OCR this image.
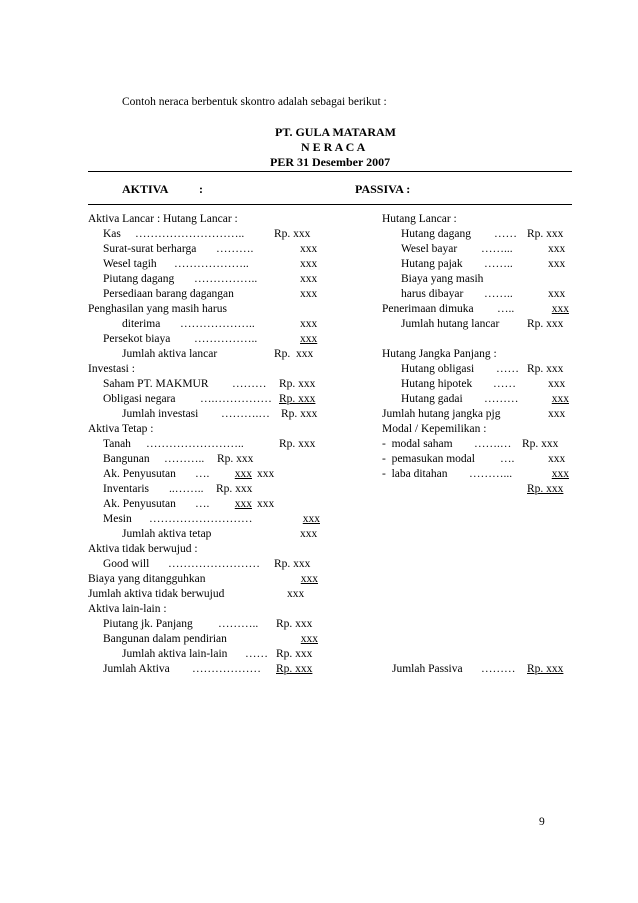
Contoh neraca berbentuk skontro adalah sebagai berikut :
PT. GULA MATARAM
N E R A C A
PER 31 Desember 2007
AKTIVA	:	PASSIVA :
Aktiva Lancar : Hutang Lancar :
Kas ………………………..	Rp. xxx
Surat-surat berharga ……….	xxx
Wesel tagih ………………..	xxx
Piutang dagang ……………..	xxx
Persediaan barang dagangan	xxx
Penghasilan yang masih harus
diterima ………………..	xxx
Persekot biaya ……………..	xxx
Jumlah aktiva lancar	Rp.  xxx
Investasi :
Saham PT. MAKMUR ……… Rp. xxx
Obligasi negara ….…………… Rp. xxx
Jumlah investasi ……….… Rp. xxx
Aktiva Tetap :
Tanah ……………………..	Rp. xxx
Bangunan ……….. Rp. xxx
Ak. Penyusutan ….	xxx xxx
Inventaris ..…….. Rp. xxx
Ak. Penyusutan ….	xxx xxx
Mesin ………………………	xxx
Jumlah aktiva tetap	xxx
Aktiva tidak berwujud :
Good will …………………… Rp. xxx
Biaya yang ditangguhkan	xxx
Jumlah aktiva tidak berwujud	xxx
Aktiva lain-lain :
Piutang jk. Panjang ……….. Rp. xxx
Bangunan dalam pendirian	xxx
Jumlah aktiva lain-lain …… Rp. xxx
Jumlah Aktiva ……………… Rp. xxx
Hutang Lancar :
Hutang dagang …… Rp. xxx
Wesel bayar ……...	xxx
Hutang pajak ……..	xxx
Biaya yang masih
harus dibayar ……..	xxx
Penerimaan dimuka …..	xxx
Jumlah hutang lancar Rp. xxx
Hutang Jangka Panjang :
Hutang obligasi …… Rp. xxx
Hutang hipotek ……	xxx
Hutang gadai ………	xxx
Jumlah hutang jangka pjg	xxx
Modal / Kepemilikan :
-  modal saham …….… Rp. xxx
-  pemasukan modal ….	xxx
-  laba ditahan ………...	xxx
Rp. xxx
Jumlah Passiva ……… Rp. xxx
9
